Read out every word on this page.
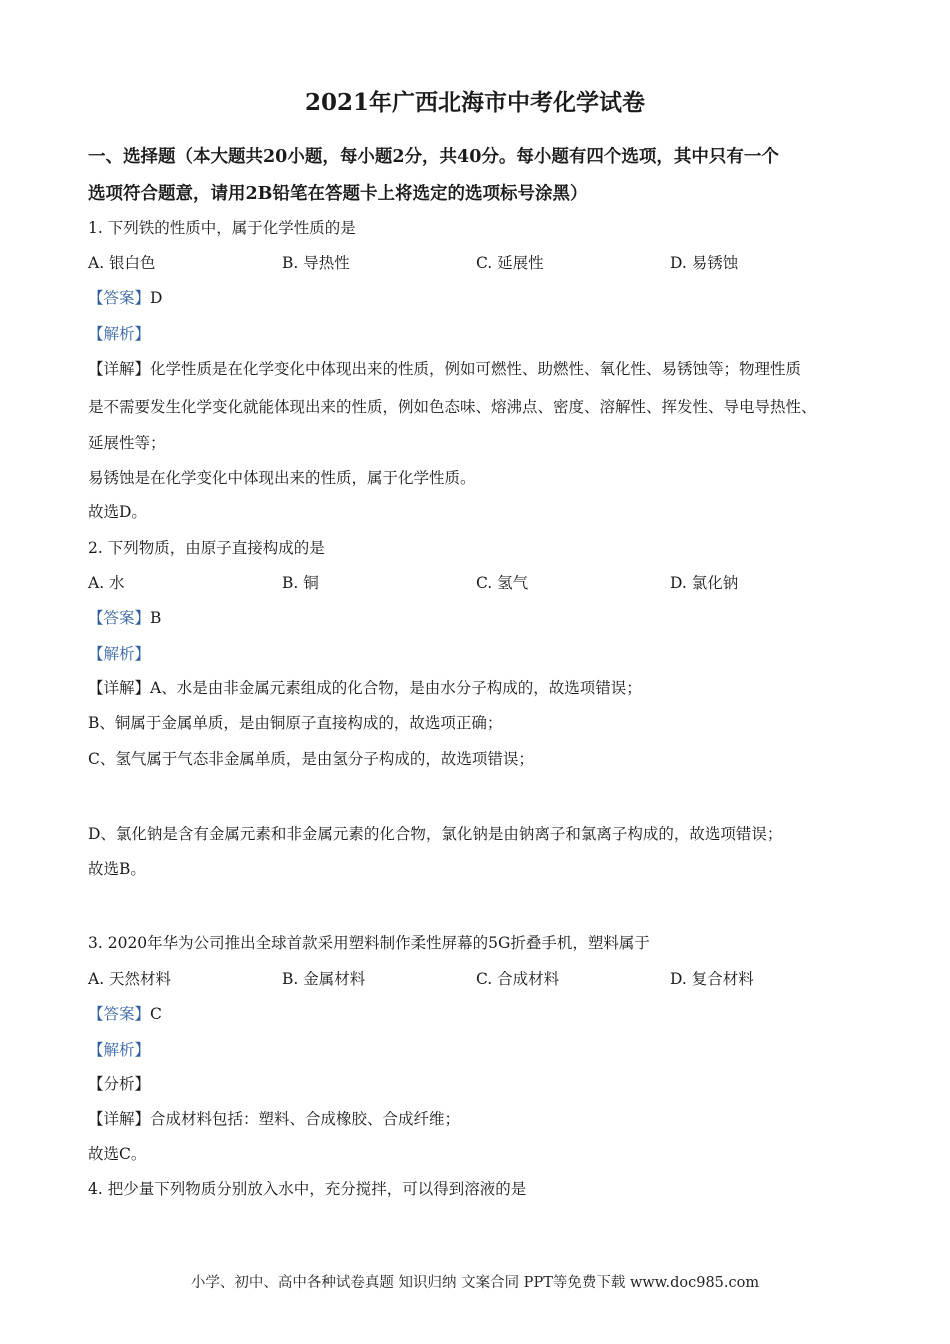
2021年广西北海市中考化学试卷
一、选择题（本大题共20小题，每小题2分，共40分。每小题有四个选项，其中只有一个
选项符合题意，请用2B铅笔在答题卡上将选定的选项标号涂黑）
1. 下列铁的性质中，属于化学性质的是
A. 银白色	B. 导热性	C. 延展性	D. 易锈蚀
【答案】D
【解析】
【详解】化学性质是在化学变化中体现出来的性质，例如可燃性、助燃性、氧化性、易锈蚀等；物理性质
是不需要发生化学变化就能体现出来的性质，例如色态味、熔沸点、密度、溶解性、挥发性、导电导热性、
延展性等；
易锈蚀是在化学变化中体现出来的性质，属于化学性质。
故选D。
2. 下列物质，由原子直接构成的是
A. 水	B. 铜	C. 氢气	D. 氯化钠
【答案】B
【解析】
【详解】A、水是由非金属元素组成的化合物，是由水分子构成的，故选项错误；
B、铜属于金属单质，是由铜原子直接构成的，故选项正确；
C、氢气属于气态非金属单质，是由氢分子构成的，故选项错误；
D、氯化钠是含有金属元素和非金属元素的化合物，氯化钠是由钠离子和氯离子构成的，故选项错误；
故选B。
3. 2020年华为公司推出全球首款采用塑料制作柔性屏幕的5G折叠手机，塑料属于
A. 天然材料	B. 金属材料	C. 合成材料	D. 复合材料
【答案】C
【解析】
【分析】
【详解】合成材料包括：塑料、合成橡胶、合成纤维；
故选C。
4. 把少量下列物质分别放入水中，充分搅拌，可以得到溶液的是
小学、初中、高中各种试卷真题 知识归纳 文案合同 PPT等免费下载 www.doc985.com
